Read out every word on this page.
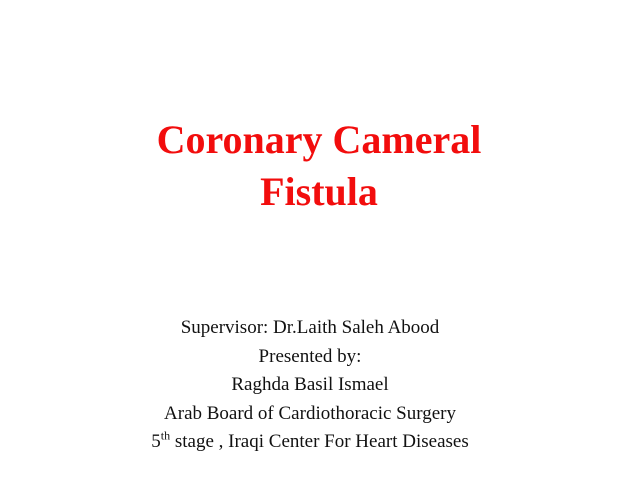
Coronary Cameral
Fistula
Supervisor: Dr.Laith Saleh Abood
Presented by:
Raghda Basil Ismael
Arab Board of Cardiothoracic Surgery
5th stage , Iraqi Center For Heart Diseases
